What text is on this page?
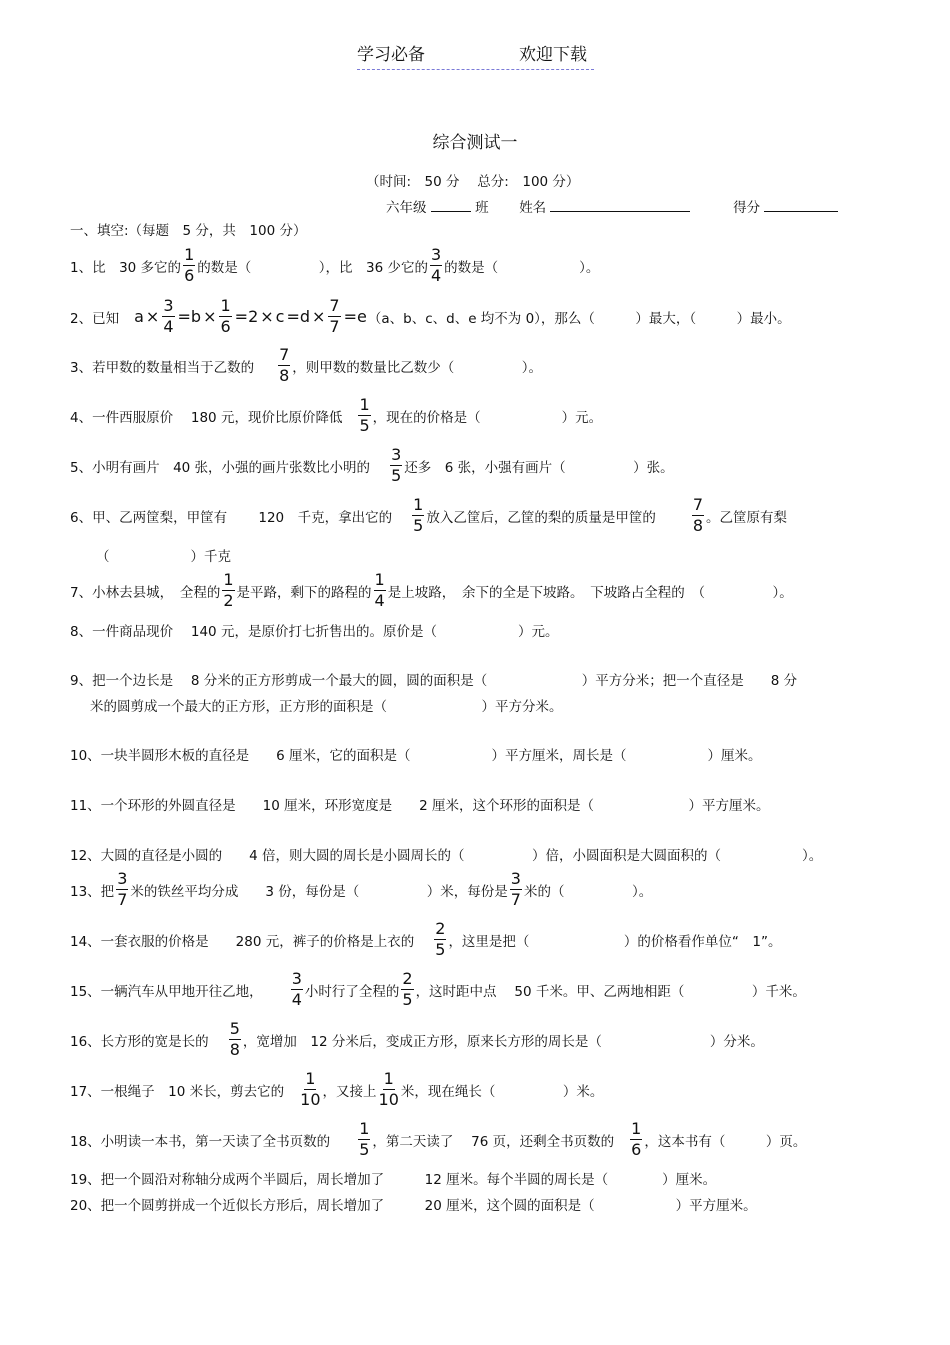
学习必备	欢迎下载
综合测试一
（时间:　50 分　 总分:　100 分）
六年级	班 姓名	得分
一、填空:（每题　5 分，共　100 分）
1、比　30 多它的 $\frac{1}{6}$ 的数是（　　　　　），比　36 少它的 $\frac{3}{4}$ 的数是（　　　　　　）。
2、已知 $a \times \frac{3}{4} =b \times \frac{1}{6} =2 \times c =d \times \frac{7}{7} =e$ （a、b、c、d、e 均不为 0），那么（　　　）最大，（　　　）最小。
3、若甲数的数量相当于乙数的 $\frac{7}{8}$ ，则甲数的数量比乙数少（　　　　　）。
4、一件西服原价　 180 元，现价比原价降低 $\frac{1}{5}$ ，现在的价格是（　　　　　　）元。
5、小明有画片　40 张，小强的画片张数比小明的 $\frac{3}{5}$ 还多　6 张，小强有画片（　　　　　）张。
6、甲、乙两筐梨，甲筐有　　 120　千克，拿出它的 $\frac{1}{5}$ 放入乙筐后，乙筐的梨的质量是甲筐的 $\frac{7}{8}$ 。乙筐原有梨
（　　　　　　）千克
7、小林去县城，　全程的 $\frac{1}{2}$ 是平路，剩下的路程的 $\frac{1}{4}$ 是上坡路，　余下的全是下坡路。　下坡路占全程的　（　　　　　）。
8、一件商品现价　 140 元，是原价打七折售出的。原价是（　　　　　　）元。
9、把一个边长是　 8 分米的正方形剪成一个最大的圆，圆的面积是（　　　　　　　）平方分米；把一个直径是　　8 分
米的圆剪成一个最大的正方形，正方形的面积是（　　　　　　　）平方分米。
10、一块半圆形木板的直径是　　6 厘米，它的面积是（　　　　　　）平方厘米，周长是（　　　　　　）厘米。
11、一个环形的外圆直径是　　10 厘米，环形宽度是　　2 厘米，这个环形的面积是（　　　　　　　）平方厘米。
12、大圆的直径是小圆的　　4 倍，则大圆的周长是小圆周长的（　　　　　）倍，小圆面积是大圆面积的（　　　　　　）。
13、把 $\frac{3}{7}$ 米的铁丝平均分成　　3 份，每份是（　　　　　）米，每份是 $\frac{3}{7}$ 米的（　　　　　）。
14、一套衣服的价格是　　280 元，裤子的价格是上衣的 $\frac{2}{5}$ ，这里是把（　　　　　　　）的价格看作单位“　1”。
15、一辆汽车从甲地开往乙地， $\frac{3}{4}$ 小时行了全程的 $\frac{2}{5}$ ，这时距中点　 50 千米。甲、乙两地相距（　　　　　）千米。
16、长方形的宽是长的 $\frac{5}{8}$ ，宽增加　12 分米后，变成正方形，原来长方形的周长是（　　　　　　　　）分米。
17、一根绳子　10 米长，剪去它的 $\frac{1}{10}$ ，又接上 $\frac{1}{10}$ 米，现在绳长（　　　　　）米。
18、小明读一本书，第一天读了全书页数的 $\frac{1}{5}$ ，第二天读了　 76 页，还剩全书页数的 $\frac{1}{6}$ ，这本书有（　　　）页。
19、把一个圆沿对称轴分成两个半圆后，周长增加了　　　12 厘米。每个半圆的周长是（　　　　）厘米。
20、把一个圆剪拼成一个近似长方形后，周长增加了　　　20 厘米，这个圆的面积是（　　　　　　）平方厘米。
